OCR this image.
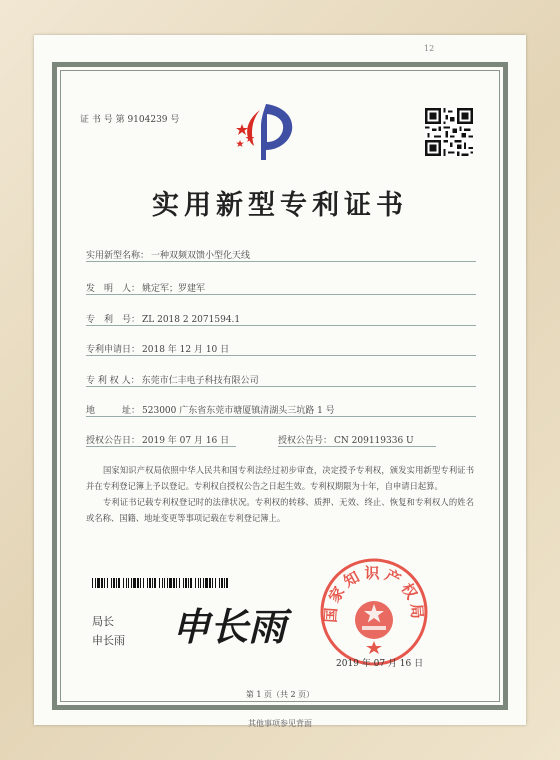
12
证 书 号 第 9104239 号
实用新型专利证书
实用新型名称： 一种双频双馈小型化天线
发　明　人： 姚定军；罗建军
专　利　号： ZL 2018 2 2071594.1
专利申请日： 2018 年 12 月 10 日
专 利 权 人： 东莞市仁丰电子科技有限公司
地　　　址： 523000 广东省东莞市塘厦镇清湖头三坑路 1 号
授权公告日： 2019 年 07 月 16 日	授权公告号： CN 209119336 U

国家知识产权局依照中华人民共和国专利法经过初步审查，决定授予专利权，颁发实用新型专利证书并在专利登记簿上予以登记。专利权自授权公告之日起生效。专利权期限为十年，自申请日起算。

专利证书记载专利权登记时的法律状况。专利权的转移、质押、无效、终止、恢复和专利权人的姓名或名称、国籍、地址变更等事项记载在专利登记簿上。

局长
申长雨 申长雨	国家知识产权局
2019 年 07 月 16 日
第 1 页（共 2 页）
其他事项参见背面
